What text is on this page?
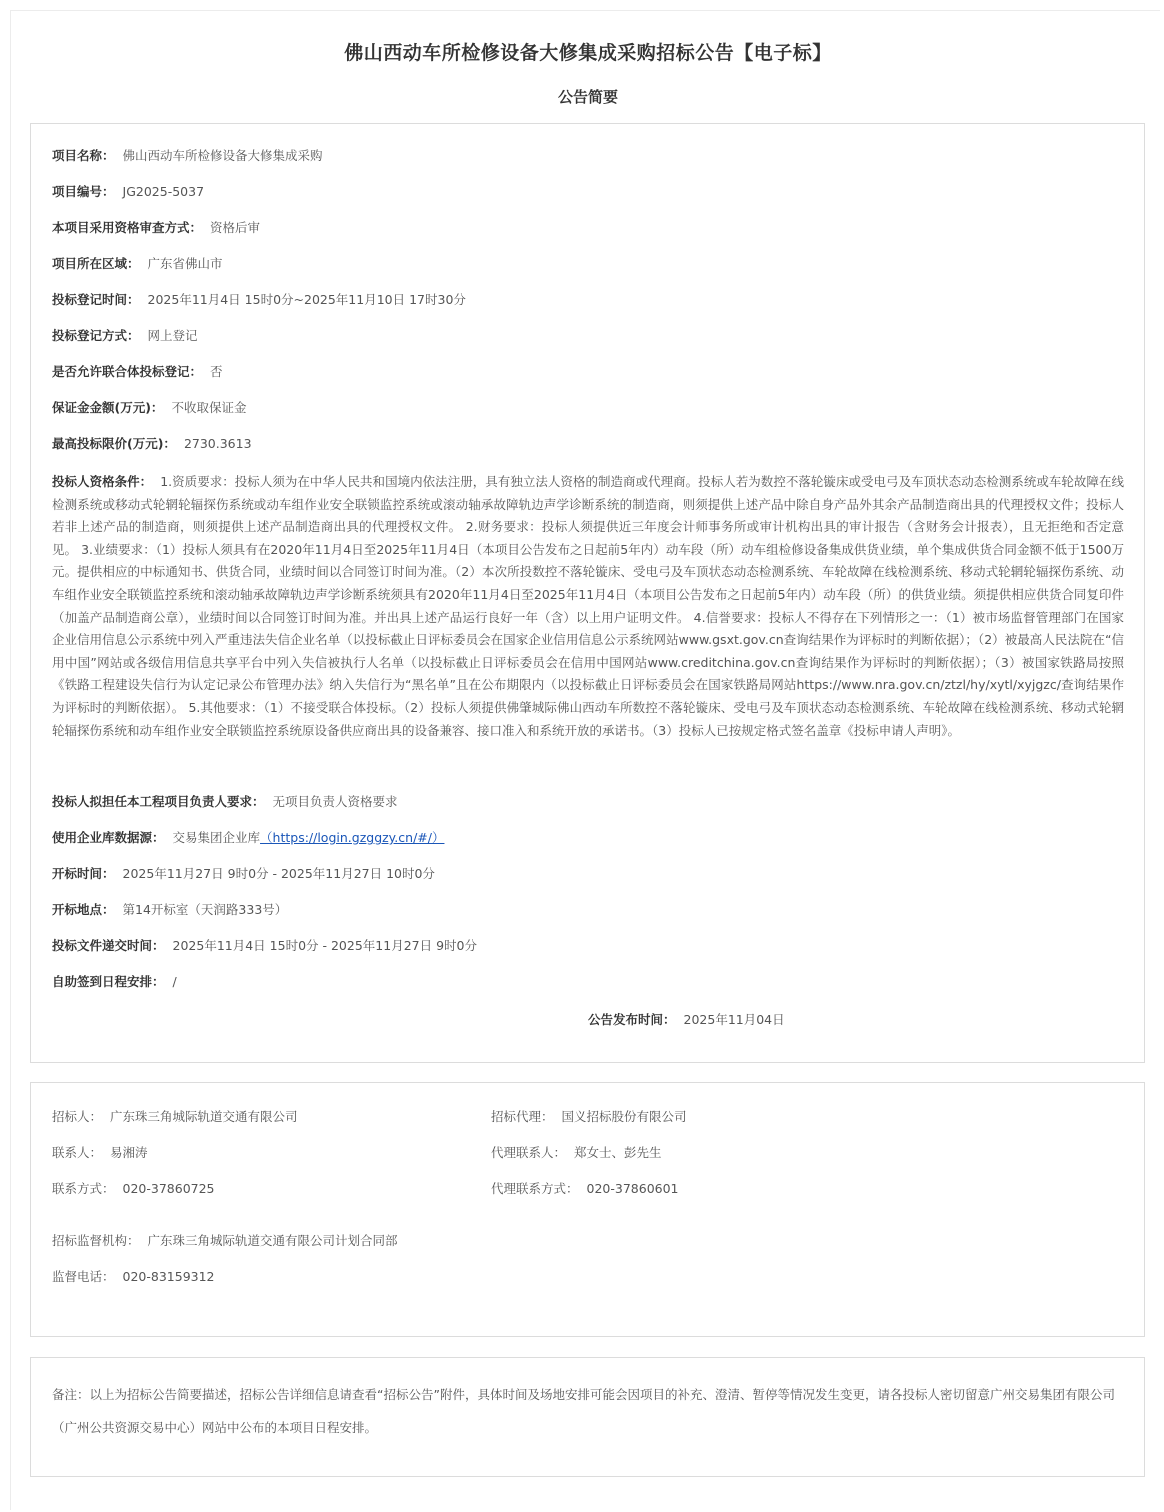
佛山西动车所检修设备大修集成采购招标公告【电子标】
公告简要
项目名称： 佛山西动车所检修设备大修集成采购
项目编号： JG2025-5037
本项目采用资格审查方式： 资格后审
项目所在区域： 广东省佛山市
投标登记时间： 2025年11月4日 15时0分~2025年11月10日 17时30分
投标登记方式： 网上登记
是否允许联合体投标登记： 否
保证金金额(万元)： 不收取保证金
最高投标限价(万元)： 2730.3613
投标人资格条件： 1.资质要求：投标人须为在中华人民共和国境内依法注册，具有独立法人资格的制造商或代理商。投标人若为数控不落轮镟床或受电弓及车顶状态动态检测系统或车轮故障在线检测系统或移动式轮辋轮辐探伤系统或动车组作业安全联锁监控系统或滚动轴承故障轨边声学诊断系统的制造商，则须提供上述产品中除自身产品外其余产品制造商出具的代理授权文件；投标人若非上述产品的制造商，则须提供上述产品制造商出具的代理授权文件。 2.财务要求：投标人须提供近三年度会计师事务所或审计机构出具的审计报告（含财务会计报表），且无拒绝和否定意见。 3.业绩要求：（1）投标人须具有在2020年11月4日至2025年11月4日（本项目公告发布之日起前5年内）动车段（所）动车组检修设备集成供货业绩，单个集成供货合同金额不低于1500万元。提供相应的中标通知书、供货合同，业绩时间以合同签订时间为准。（2）本次所投数控不落轮镟床、受电弓及车顶状态动态检测系统、车轮故障在线检测系统、移动式轮辋轮辐探伤系统、动车组作业安全联锁监控系统和滚动轴承故障轨边声学诊断系统须具有2020年11月4日至2025年11月4日（本项目公告发布之日起前5年内）动车段（所）的供货业绩。须提供相应供货合同复印件（加盖产品制造商公章），业绩时间以合同签订时间为准。并出具上述产品运行良好一年（含）以上用户证明文件。 4.信誉要求：投标人不得存在下列情形之一：（1）被市场监督管理部门在国家企业信用信息公示系统中列入严重违法失信企业名单（以投标截止日评标委员会在国家企业信用信息公示系统网站www.gsxt.gov.cn查询结果作为评标时的判断依据）；（2）被最高人民法院在“信用中国”网站或各级信用信息共享平台中列入失信被执行人名单（以投标截止日评标委员会在信用中国网站www.creditchina.gov.cn查询结果作为评标时的判断依据）；（3）被国家铁路局按照《铁路工程建设失信行为认定记录公布管理办法》纳入失信行为“黑名单”且在公布期限内（以投标截止日评标委员会在国家铁路局网站https://www.nra.gov.cn/ztzl/hy/xytl/xyjgzc/查询结果作为评标时的判断依据）。 5.其他要求：（1）不接受联合体投标。（2）投标人须提供佛肇城际佛山西动车所数控不落轮镟床、受电弓及车顶状态动态检测系统、车轮故障在线检测系统、移动式轮辋轮辐探伤系统和动车组作业安全联锁监控系统原设备供应商出具的设备兼容、接口准入和系统开放的承诺书。（3）投标人已按规定格式签名盖章《投标申请人声明》。
投标人拟担任本工程项目负责人要求： 无项目负责人资格要求
使用企业库数据源： 交易集团企业库（https://login.gzggzy.cn/#/）
开标时间： 2025年11月27日 9时0分 - 2025年11月27日 10时0分
开标地点： 第14开标室（天润路333号）
投标文件递交时间： 2025年11月4日 15时0分 - 2025年11月27日 9时0分
自助签到日程安排： /
公告发布时间： 2025年11月04日
招标人： 广东珠三角城际轨道交通有限公司	招标代理： 国义招标股份有限公司
联系人： 易湘涛	代理联系人： 郑女士、彭先生
联系方式： 020-37860725	代理联系方式： 020-37860601
招标监督机构： 广东珠三角城际轨道交通有限公司计划合同部
监督电话： 020-83159312
备注：以上为招标公告简要描述，招标公告详细信息请查看“招标公告”附件，具体时间及场地安排可能会因项目的补充、澄清、暂停等情况发生变更，请各投标人密切留意广州交易集团有限公司（广州公共资源交易中心）网站中公布的本项目日程安排。
